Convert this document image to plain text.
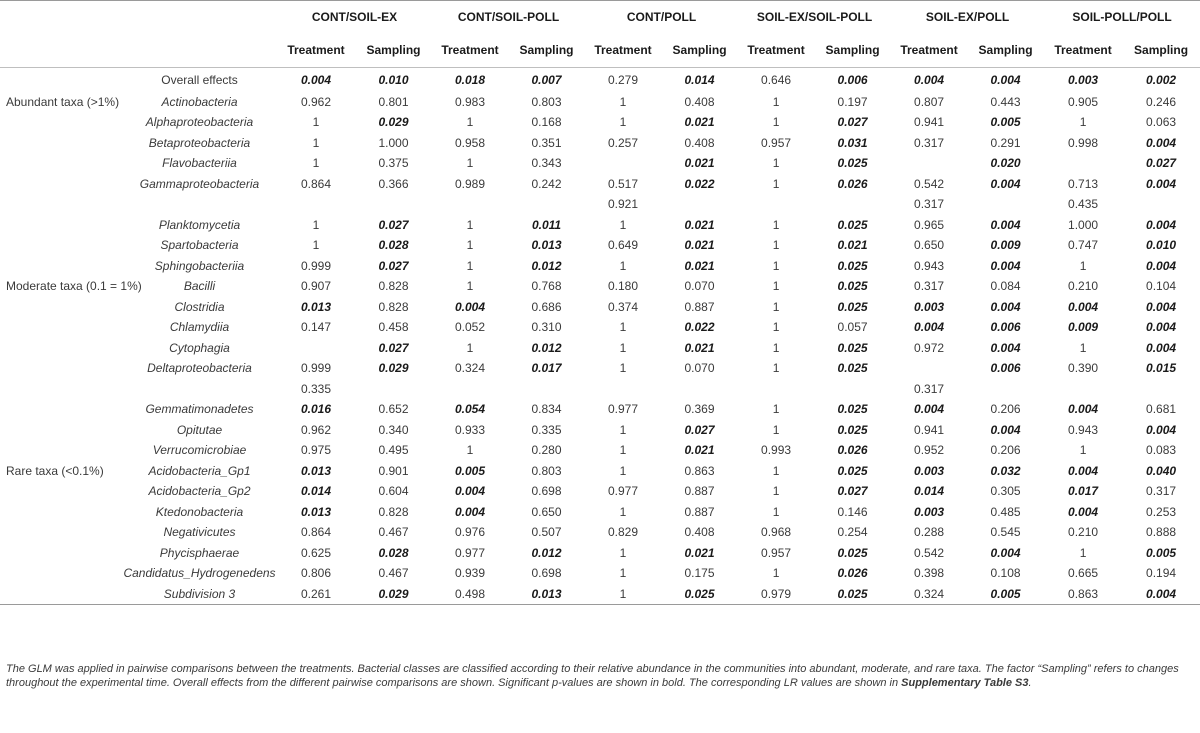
		CONT/SOIL-EX		CONT/SOIL-POLL		CONT/POLL		SOIL-EX/SOIL-POLL		SOIL-EX/POLL		SOIL-POLL/POLL	
		Treatment	Sampling	Treatment	Sampling	Treatment	Sampling	Treatment	Sampling	Treatment	Sampling	Treatment	Sampling
	Overall effects	0.004	0.010	0.018	0.007	0.279	0.014	0.646	0.006	0.004	0.004	0.003	0.002
Abundant taxa (>1%)	Actinobacteria	0.962	0.801	0.983	0.803	1	0.408	1	0.197	0.807	0.443	0.905	0.246
	Alphaproteobacteria	1	0.029	1	0.168	1	0.021	1	0.027	0.941	0.005	1	0.063
	Betaproteobacteria	1	1.000	0.958	0.351	0.257	0.408	0.957	0.031	0.317	0.291	0.998	0.004
	Flavobacteriia	1	0.375	1	0.343		0.021	1	0.025		0.020		0.027
	Gammaproteobacteria	0.864	0.366	0.989	0.242	0.517	0.022	1	0.026	0.542	0.004	0.713	0.004
						0.921				0.317		0.435	
	Planktomycetia	1	0.027	1	0.011	1	0.021	1	0.025	0.965	0.004	1.000	0.004
	Spartobacteria	1	0.028	1	0.013	0.649	0.021	1	0.021	0.650	0.009	0.747	0.010
	Sphingobacteriia	0.999	0.027	1	0.012	1	0.021	1	0.025	0.943	0.004	1	0.004
Moderate taxa (0.1 = 1%)	Bacilli	0.907	0.828	1	0.768	0.180	0.070	1	0.025	0.317	0.084	0.210	0.104
	Clostridia	0.013	0.828	0.004	0.686	0.374	0.887	1	0.025	0.003	0.004	0.004	0.004
	Chlamydiia	0.147	0.458	0.052	0.310	1	0.022	1	0.057	0.004	0.006	0.009	0.004
	Cytophagia		0.027	1	0.012	1	0.021	1	0.025	0.972	0.004	1	0.004
	Deltaproteobacteria	0.999	0.029	0.324	0.017	1	0.070	1	0.025		0.006	0.390	0.015
		0.335								0.317			
	Gemmatimonadetes	0.016	0.652	0.054	0.834	0.977	0.369	1	0.025	0.004	0.206	0.004	0.681
	Opitutae	0.962	0.340	0.933	0.335	1	0.027	1	0.025	0.941	0.004	0.943	0.004
	Verrucomicrobiae	0.975	0.495	1	0.280	1	0.021	0.993	0.026	0.952	0.206	1	0.083
Rare taxa (<0.1%)	Acidobacteria_Gp1	0.013	0.901	0.005	0.803	1	0.863	1	0.025	0.003	0.032	0.004	0.040
	Acidobacteria_Gp2	0.014	0.604	0.004	0.698	0.977	0.887	1	0.027	0.014	0.305	0.017	0.317
	Ktedonobacteria	0.013	0.828	0.004	0.650	1	0.887	1	0.146	0.003	0.485	0.004	0.253
	Negativicutes	0.864	0.467	0.976	0.507	0.829	0.408	0.968	0.254	0.288	0.545	0.210	0.888
	Phycisphaerae	0.625	0.028	0.977	0.012	1	0.021	0.957	0.025	0.542	0.004	1	0.005
	Candidatus_Hydrogenedens	0.806	0.467	0.939	0.698	1	0.175	1	0.026	0.398	0.108	0.665	0.194
	Subdivision 3	0.261	0.029	0.498	0.013	1	0.025	0.979	0.025	0.324	0.005	0.863	0.004
The GLM was applied in pairwise comparisons between the treatments. Bacterial classes are classified according to their relative abundance in the communities into abundant, moderate, and rare taxa. The factor “Sampling” refers to changes throughout the experimental time. Overall effects from the different pairwise comparisons are shown. Significant p-values are shown in bold. The corresponding LR values are shown in Supplementary Table S3.
